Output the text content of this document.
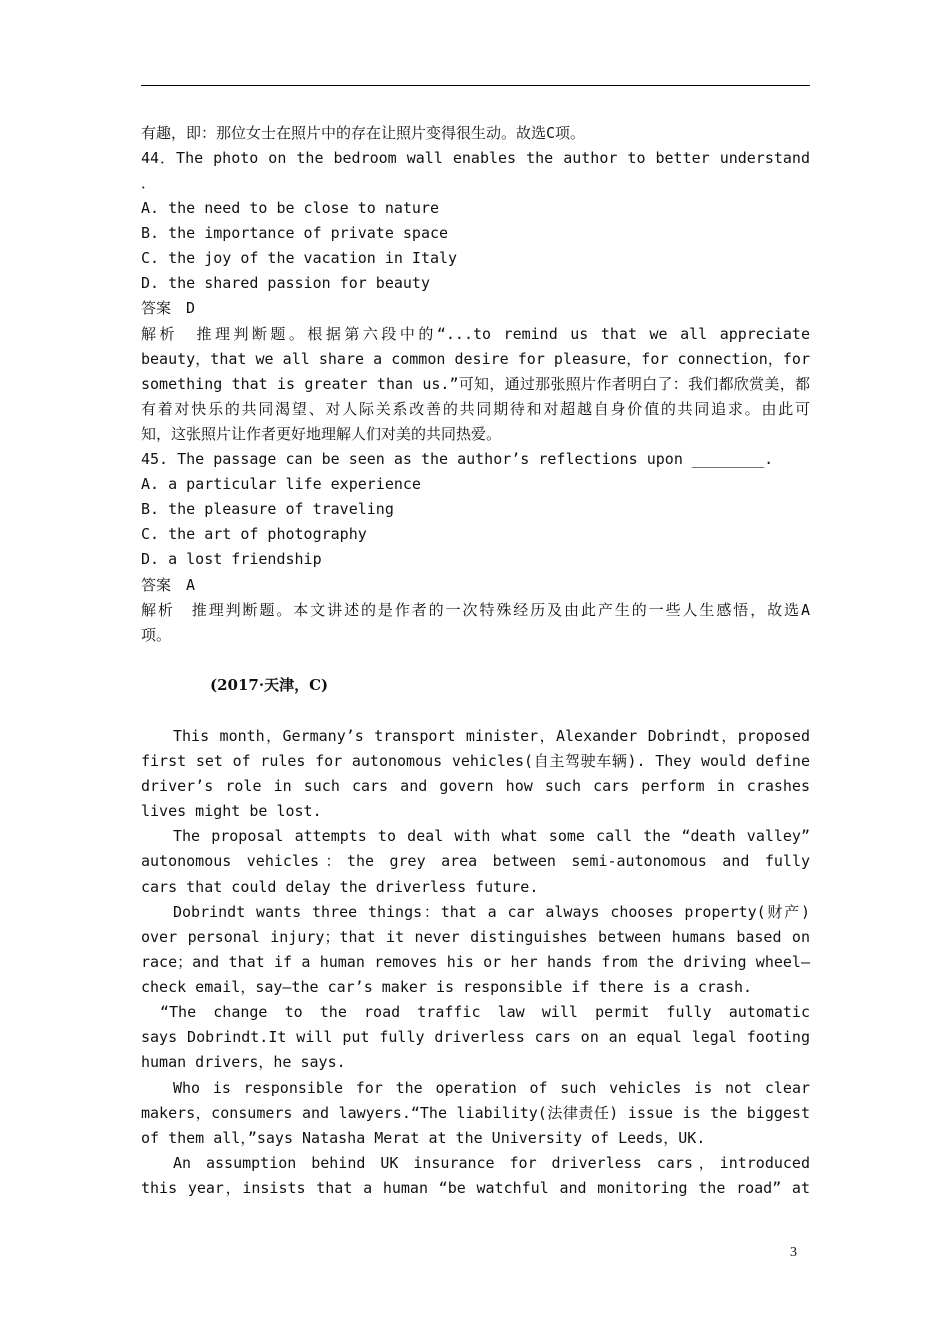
有趣，即：那位女士在照片中的存在让照片变得很生动。故选C项。
44．The photo on the bedroom wall enables the author to better understand
．
A. the need to be close to nature
B. the importance of private space
C. the joy of the vacation in Italy
D. the shared passion for beauty
答案　D
解析　推理判断题。根据第六段中的“...to remind us that we all appreciate
beauty，that we all share a common desire for pleasure，for connection，for
something that is greater than us.”可知，通过那张照片作者明白了：我们都欣赏美，都
有着对快乐的共同渴望、对人际关系改善的共同期待和对超越自身价值的共同追求。由此可
知，这张照片让作者更好地理解人们对美的共同热爱。
45. The passage can be seen as the author’s reflections upon ________.
A. a particular life experience
B. the pleasure of traveling
C. the art of photography
D. a lost friendship
答案　A
解析　推理判断题。本文讲述的是作者的一次特殊经历及由此产生的一些人生感悟，故选A
项。
(2017·天津，C)
This month，Germany’s transport minister，Alexander Dobrindt，proposed
first set of rules for autonomous vehicles(自主驾驶车辆). They would define
driver’s role in such cars and govern how such cars perform in crashes
lives might be lost.
The proposal attempts to deal with what some call the “death valley”
autonomous vehicles：the grey area between semi-autonomous and fully
cars that could delay the driverless future.
Dobrindt wants three things：that a car always chooses property(财产)
over personal injury；that it never distinguishes between humans based on
race；and that if a human removes his or her hands from the driving wheel—
check email，say—the car’s maker is responsible if there is a crash.
“The change to the road traffic law will permit fully automatic
says Dobrindt.It will put fully driverless cars on an equal legal footing
human drivers，he says.
Who is responsible for the operation of such vehicles is not clear
makers，consumers and lawyers.“The liability(法律责任) issue is the biggest
of them all，”says Natasha Merat at the University of Leeds，UK.
An assumption behind UK insurance for driverless cars，introduced
this year，insists that a human “be watchful and monitoring the road” at
3
